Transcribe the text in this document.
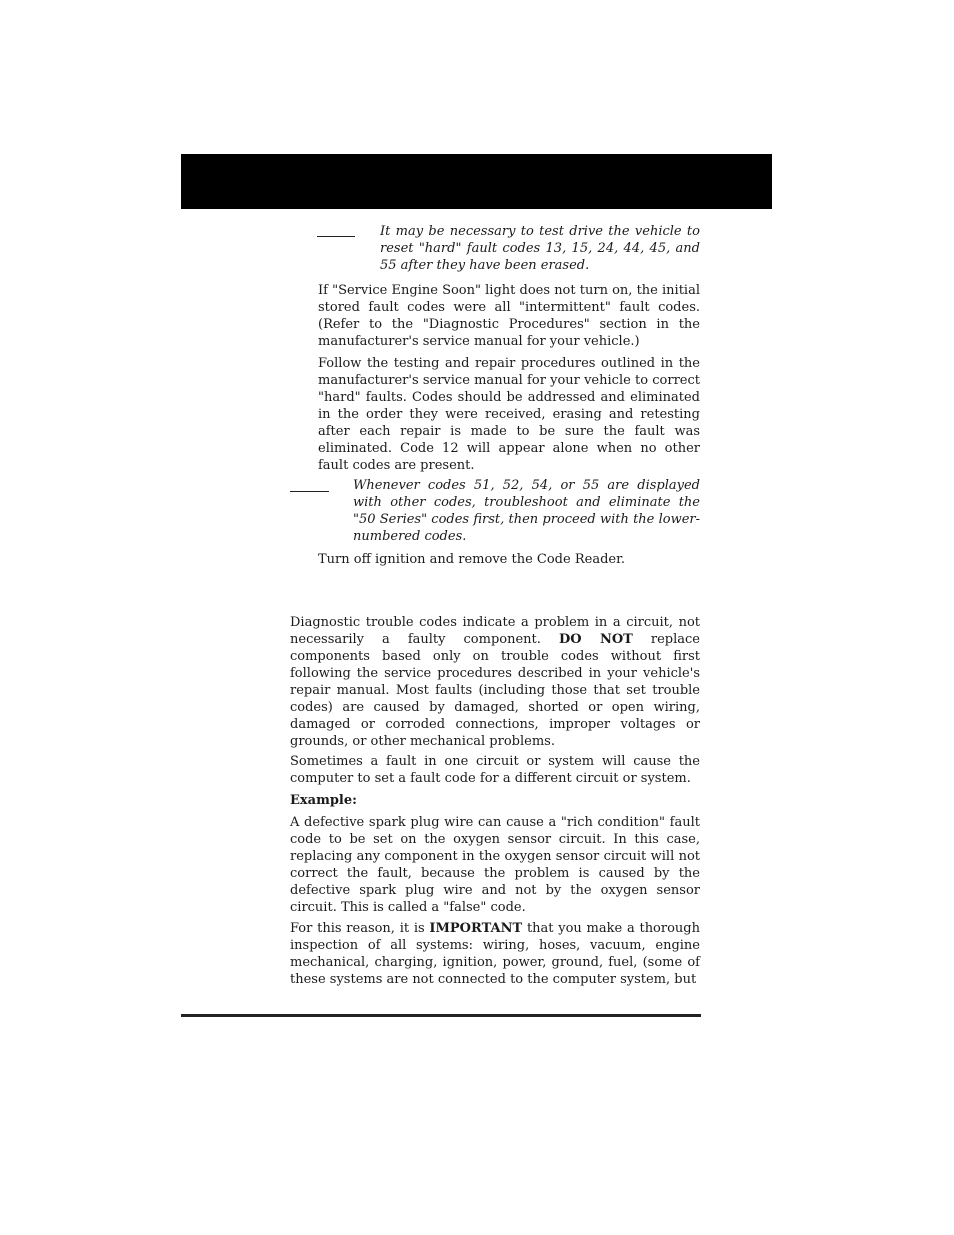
It may be necessary to test drive the vehicle to reset "hard" fault codes 13, 15, 24, 44, 45, and 55 after they have been erased.

If "Service Engine Soon" light does not turn on, the initial stored fault codes were all "intermittent" fault codes. (Refer to the "Diagnostic Procedures" section in the manufacturer's service manual for your vehicle.)

Follow the testing and repair procedures outlined in the manufacturer's service manual for your vehicle to correct "hard" faults. Codes should be addressed and eliminated in the order they were received, erasing and retesting after each repair is made to be sure the fault was eliminated. Code 12 will appear alone when no other fault codes are present.

Whenever codes 51, 52, 54, or 55 are displayed with other codes, troubleshoot and eliminate the "50 Series" codes first, then proceed with the lower-numbered codes.

Turn off ignition and remove the Code Reader.

Diagnostic trouble codes indicate a problem in a circuit, not necessarily a faulty component. DO NOT replace components based only on trouble codes without first following the service procedures described in your vehicle's repair manual. Most faults (including those that set trouble codes) are caused by damaged, shorted or open wiring, damaged or corroded connections, improper voltages or grounds, or other mechanical problems.

Sometimes a fault in one circuit or system will cause the computer to set a fault code for a different circuit or system.

Example:

A defective spark plug wire can cause a "rich condition" fault code to be set on the oxygen sensor circuit. In this case, replacing any component in the oxygen sensor circuit will not correct the fault, because the problem is caused by the defective spark plug wire and not by the oxygen sensor circuit. This is called a "false" code.

For this reason, it is IMPORTANT that you make a thorough inspection of all systems: wiring, hoses, vacuum, engine mechanical, charging, ignition, power, ground, fuel, (some of these systems are not connected to the computer system, but
